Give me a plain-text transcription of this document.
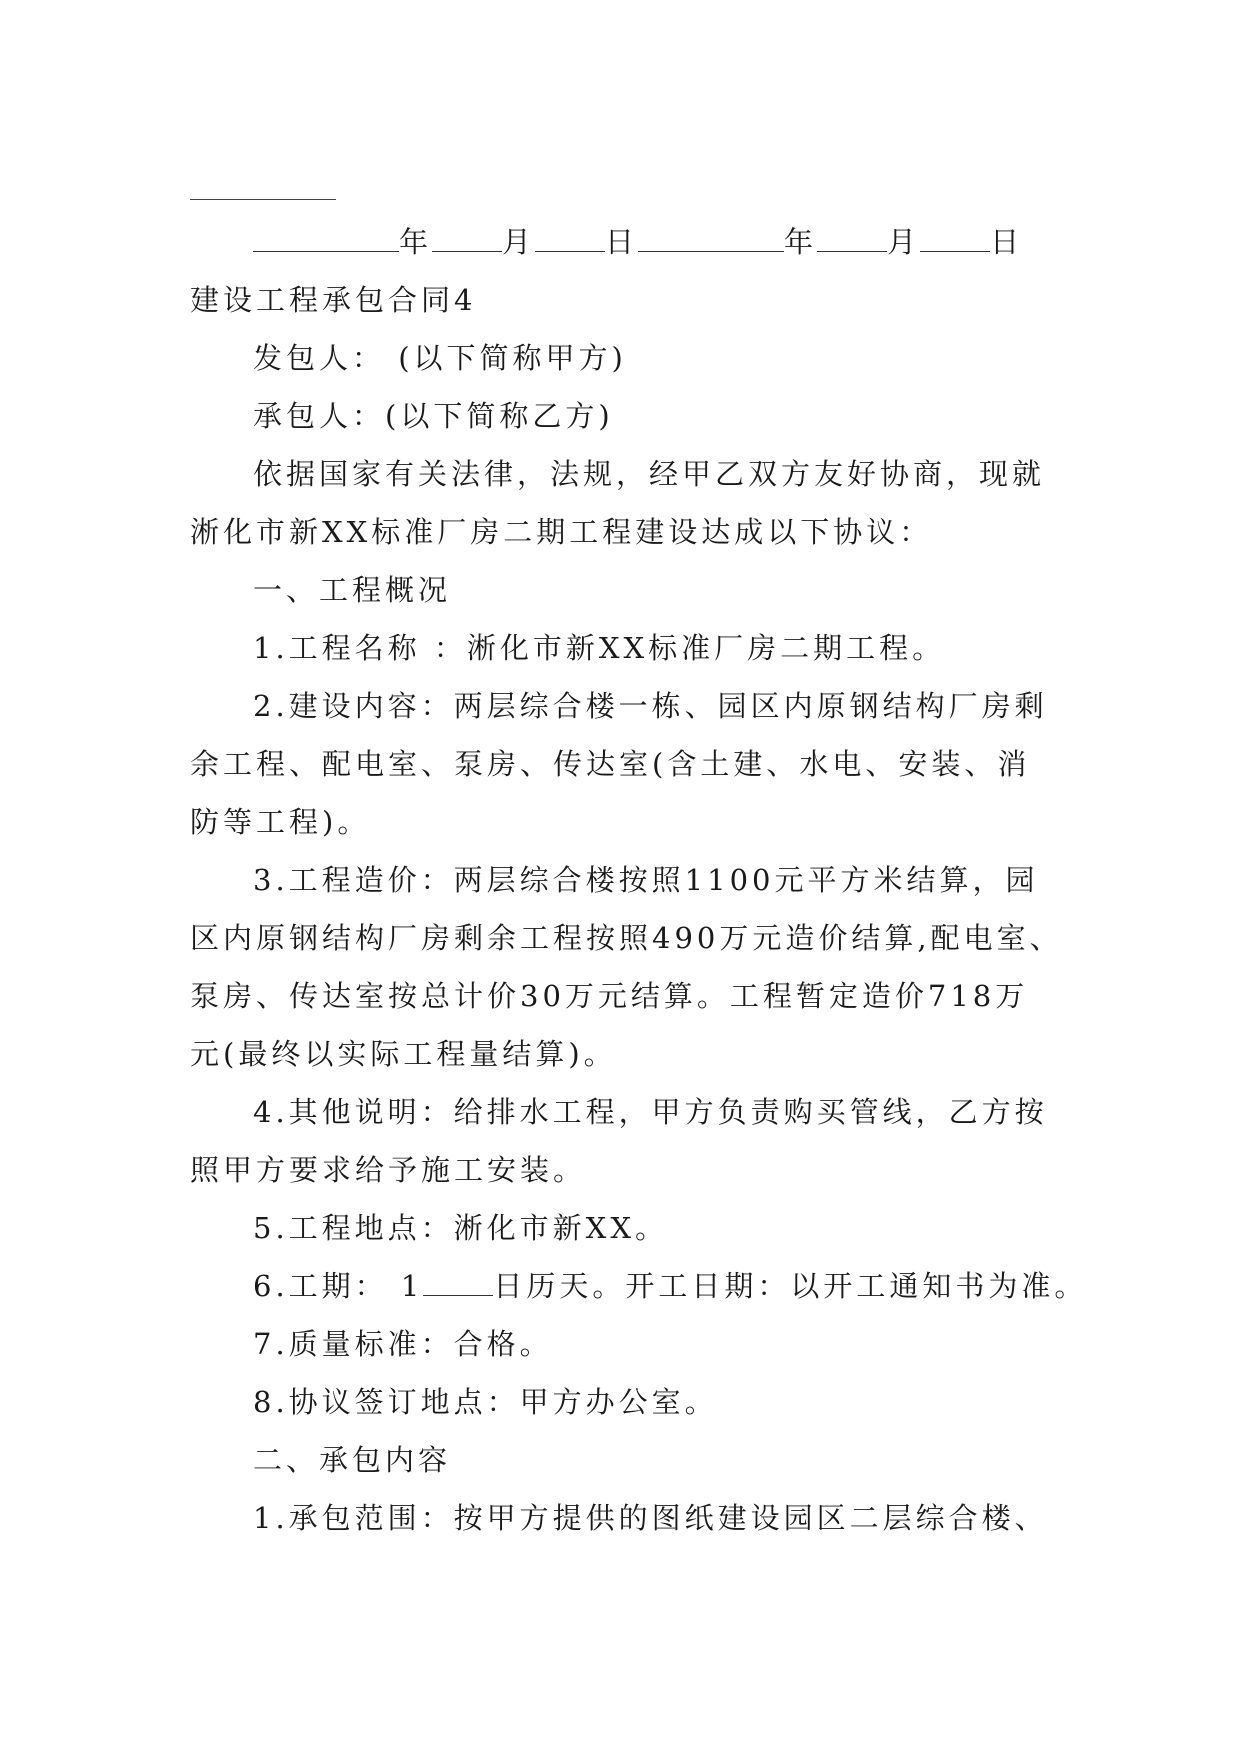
年 月 日	年 月 日
建设工程承包合同4
发包人： (以下简称甲方)
承包人：(以下简称乙方)
依据国家有关法律，法规，经甲乙双方友好协商，现就
淅化市新XX标准厂房二期工程建设达成以下协议：
一、工程概况
1.工程名称 ：淅化市新XX标准厂房二期工程。
2.建设内容：两层综合楼一栋、园区内原钢结构厂房剩
余工程、配电室、泵房、传达室(含土建、水电、安装、消
防等工程)。
3.工程造价：两层综合楼按照1100元平方米结算，园
区内原钢结构厂房剩余工程按照490万元造价结算,配电室、
泵房、传达室按总计价30万元结算。工程暂定造价718万
元(最终以实际工程量结算)。
4.其他说明：给排水工程，甲方负责购买管线，乙方按
照甲方要求给予施工安装。
5.工程地点：淅化市新XX。
6.工期： 1 日历天。开工日期：以开工通知书为准。
7.质量标准：合格。
8.协议签订地点：甲方办公室。
二、承包内容
1.承包范围：按甲方提供的图纸建设园区二层综合楼、
